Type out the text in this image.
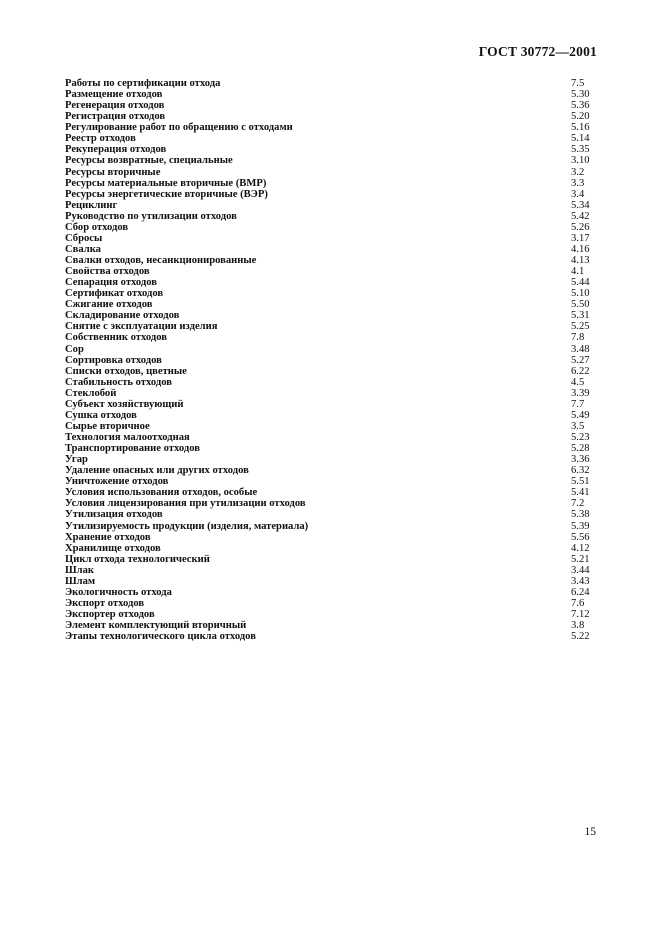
ГОСТ 30772—2001
Работы по сертификации отхода	7.5
Размещение отходов	5.30
Регенерация отходов	5.36
Регистрация отходов	5.20
Регулирование работ по обращению с отходами	5.16
Реестр отходов	5.14
Рекуперация отходов	5.35
Ресурсы возвратные, специальные	3.10
Ресурсы вторичные	3.2
Ресурсы материальные вторичные (ВМР)	3.3
Ресурсы энергетические вторичные (ВЭР)	3.4
Рециклинг	5.34
Руководство по утилизации отходов	5.42
Сбор отходов	5.26
Сбросы	3.17
Свалка	4.16
Свалки отходов, несанкционированные	4.13
Свойства отходов	4.1
Сепарация отходов	5.44
Сертификат отходов	5.10
Сжигание отходов	5.50
Складирование отходов	5.31
Снятие с эксплуатации изделия	5.25
Собственник отходов	7.8
Сор	3.48
Сортировка отходов	5.27
Списки отходов, цветные	6.22
Стабильность отходов	4.5
Стеклобой	3.39
Субъект хозяйствующий	7.7
Сушка отходов	5.49
Сырье вторичное	3.5
Технология малоотходная	5.23
Транспортирование отходов	5.28
Угар	3.36
Удаление опасных или других отходов	6.32
Уничтожение отходов	5.51
Условия использования отходов, особые	5.41
Условия лицензирования при утилизации отходов	7.2
Утилизация отходов	5.38
Утилизируемость продукции (изделия, материала)	5.39
Хранение отходов	5.56
Хранилище отходов	4.12
Цикл отхода технологический	5.21
Шлак	3.44
Шлам	3.43
Экологичность отхода	6.24
Экспорт отходов	7.6
Экспортер отходов	7.12
Элемент комплектующий вторичный	3.8
Этапы технологического цикла отходов	5.22
15
